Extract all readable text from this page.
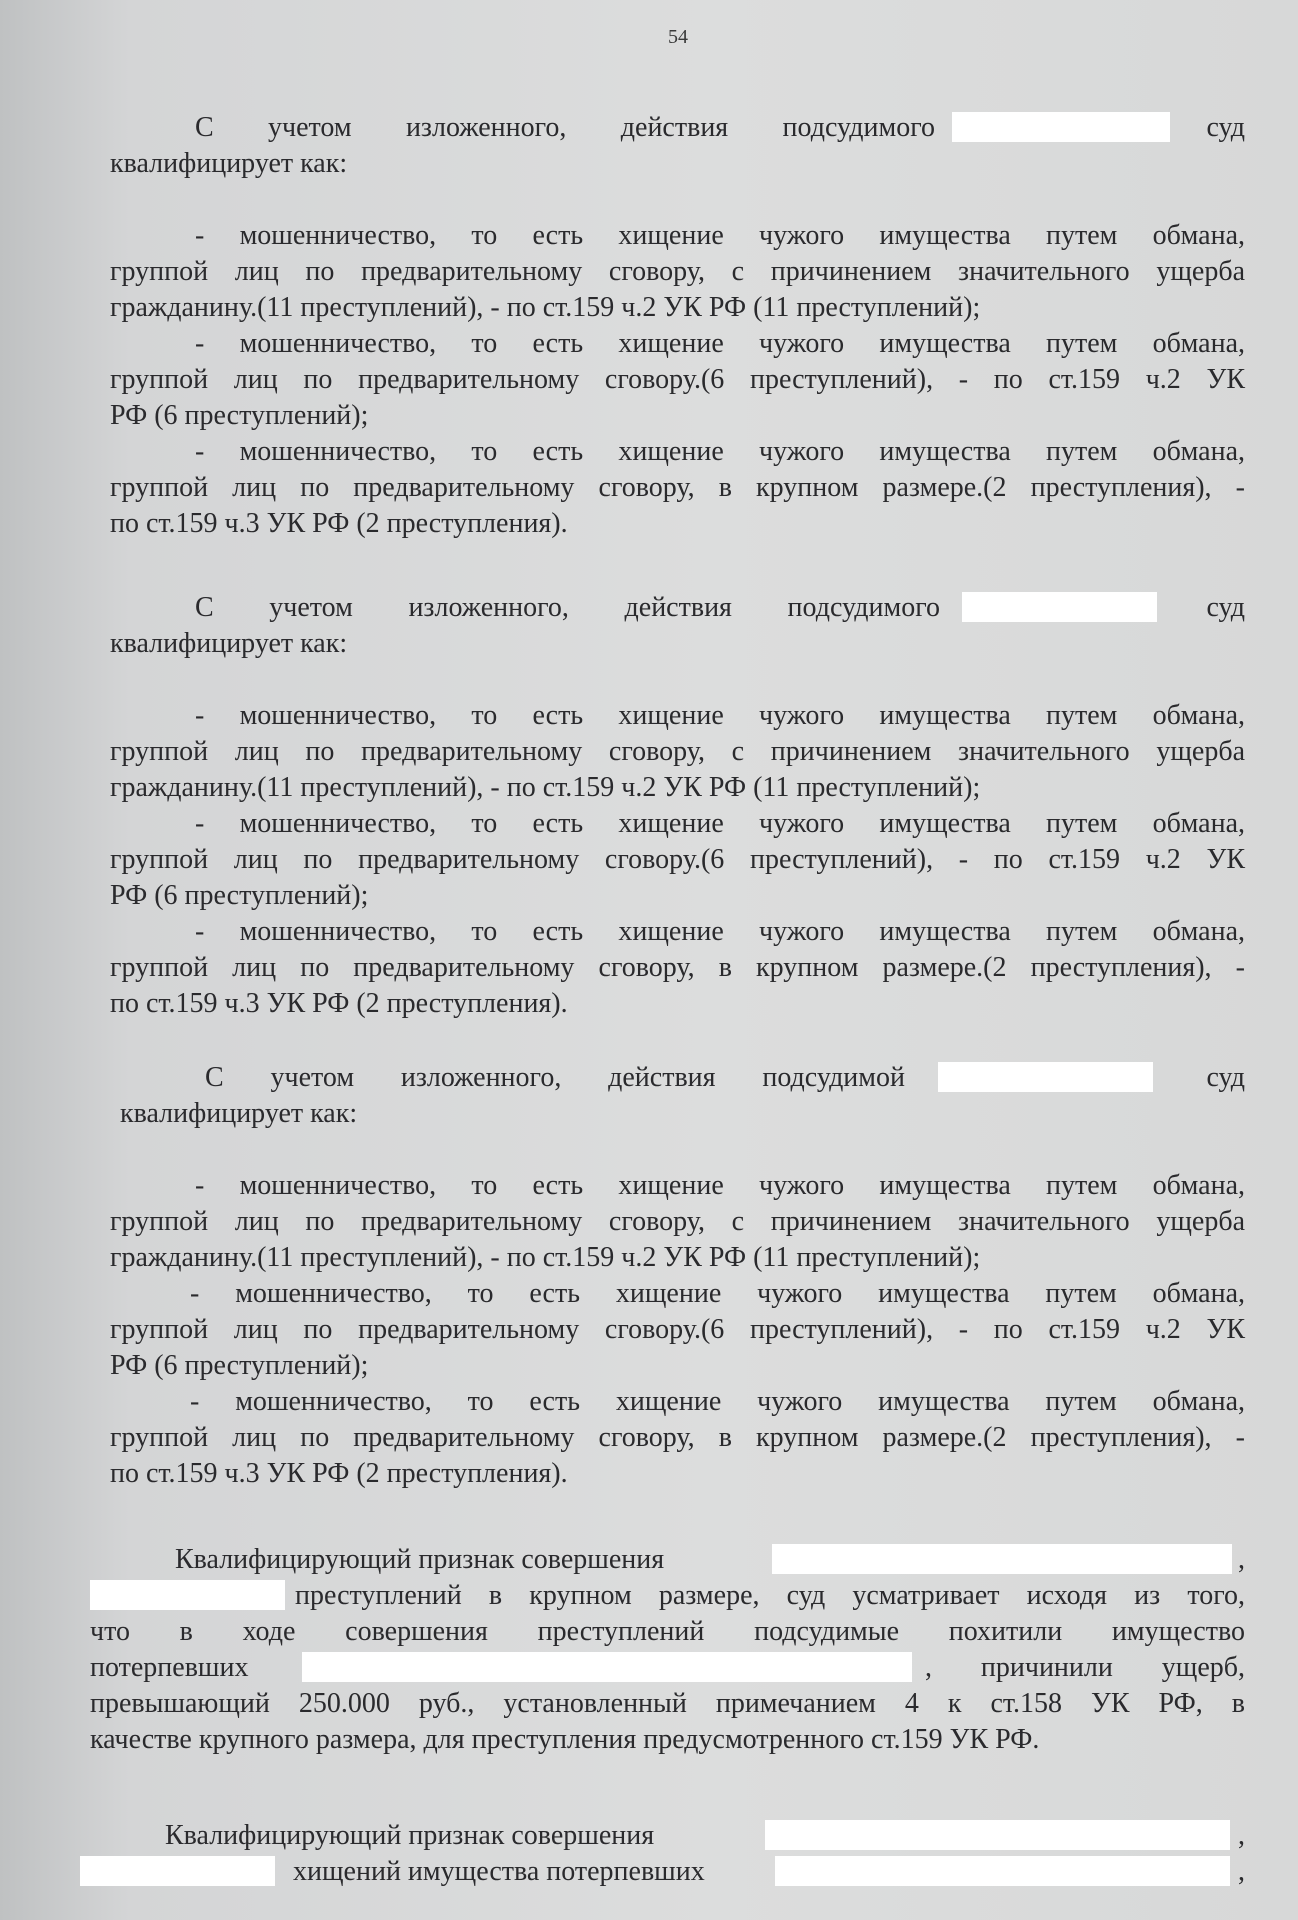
54
С учетом изложенного, действия подсудимого	суд
квалифицирует как:
- мошенничество, то есть хищение чужого имущества путем обмана,
группой лиц по предварительному сговору, с причинением значительного ущерба
гражданину.(11 преступлений), - по ст.159 ч.2 УК РФ (11 преступлений);
- мошенничество, то есть хищение чужого имущества путем обмана,
группой лиц по предварительному сговору.(6 преступлений), - по ст.159 ч.2 УК
РФ (6 преступлений);
- мошенничество, то есть хищение чужого имущества путем обмана,
группой лиц по предварительному сговору, в крупном размере.(2 преступления), -
по ст.159 ч.3 УК РФ (2 преступления).
С учетом изложенного, действия подсудимого	суд
квалифицирует как:
- мошенничество, то есть хищение чужого имущества путем обмана,
группой лиц по предварительному сговору, с причинением значительного ущерба
гражданину.(11 преступлений), - по ст.159 ч.2 УК РФ (11 преступлений);
- мошенничество, то есть хищение чужого имущества путем обмана,
группой лиц по предварительному сговору.(6 преступлений), - по ст.159 ч.2 УК
РФ (6 преступлений);
- мошенничество, то есть хищение чужого имущества путем обмана,
группой лиц по предварительному сговору, в крупном размере.(2 преступления), -
по ст.159 ч.3 УК РФ (2 преступления).
С учетом изложенного, действия подсудимой	суд
квалифицирует как:
- мошенничество, то есть хищение чужого имущества путем обмана,
группой лиц по предварительному сговору, с причинением значительного ущерба
гражданину.(11 преступлений), - по ст.159 ч.2 УК РФ (11 преступлений);
- мошенничество, то есть хищение чужого имущества путем обмана,
группой лиц по предварительному сговору.(6 преступлений), - по ст.159 ч.2 УК
РФ (6 преступлений);
- мошенничество, то есть хищение чужого имущества путем обмана,
группой лиц по предварительному сговору, в крупном размере.(2 преступления), -
по ст.159 ч.3 УК РФ (2 преступления).
Квалифицирующий признак совершения	,
преступлений в крупном размере, суд усматривает исходя из того,
что в ходе совершения преступлений подсудимые похитили имущество
потерпевших	, причинили ущерб,
превышающий 250.000 руб., установленный примечанием 4 к ст.158 УК РФ, в
качестве крупного размера, для преступления предусмотренного ст.159 УК РФ.
Квалифицирующий признак совершения	,
хищений имущества потерпевших	,
